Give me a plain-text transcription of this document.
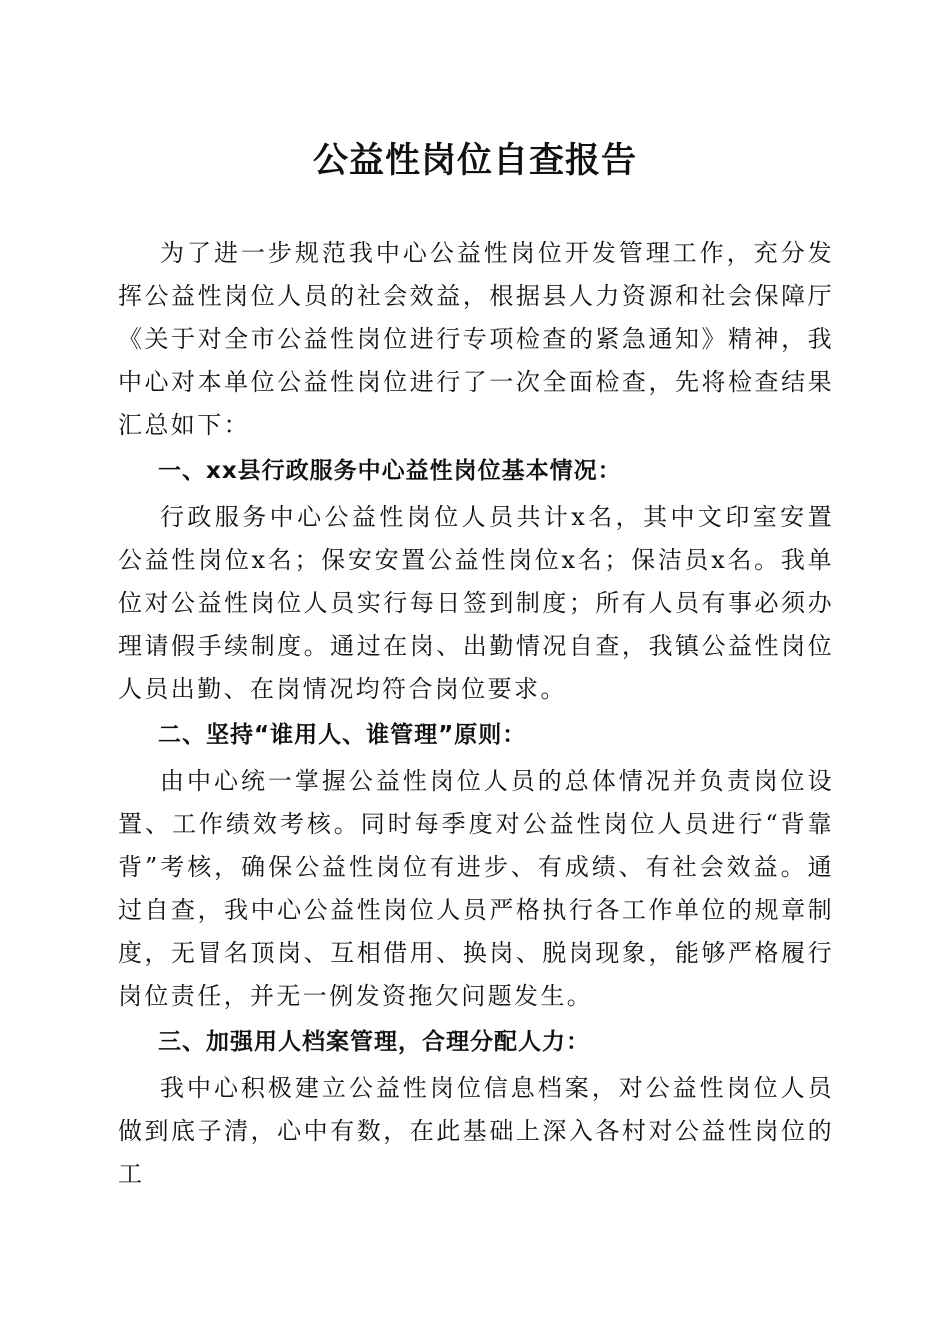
公益性岗位自查报告

为了进一步规范我中心公益性岗位开发管理工作，充分发挥公益性岗位人员的社会效益，根据县人力资源和社会保障厅《关于对全市公益性岗位进行专项检查的紧急通知》精神，我中心对本单位公益性岗位进行了一次全面检查，先将检查结果汇总如下：

一、xx县行政服务中心益性岗位基本情况：

行政服务中心公益性岗位人员共计x名，其中文印室安置公益性岗位x名；保安安置公益性岗位x名；保洁员x名。我单位对公益性岗位人员实行每日签到制度；所有人员有事必须办理请假手续制度。通过在岗、出勤情况自查，我镇公益性岗位人员出勤、在岗情况均符合岗位要求。

二、坚持“谁用人、谁管理”原则：

由中心统一掌握公益性岗位人员的总体情况并负责岗位设置、工作绩效考核。同时每季度对公益性岗位人员进行“背靠背”考核，确保公益性岗位有进步、有成绩、有社会效益。通过自查，我中心公益性岗位人员严格执行各工作单位的规章制度，无冒名顶岗、互相借用、换岗、脱岗现象，能够严格履行岗位责任，并无一例发资拖欠问题发生。

三、加强用人档案管理，合理分配人力：

我中心积极建立公益性岗位信息档案，对公益性岗位人员做到底子清，心中有数，在此基础上深入各村对公益性岗位的工
